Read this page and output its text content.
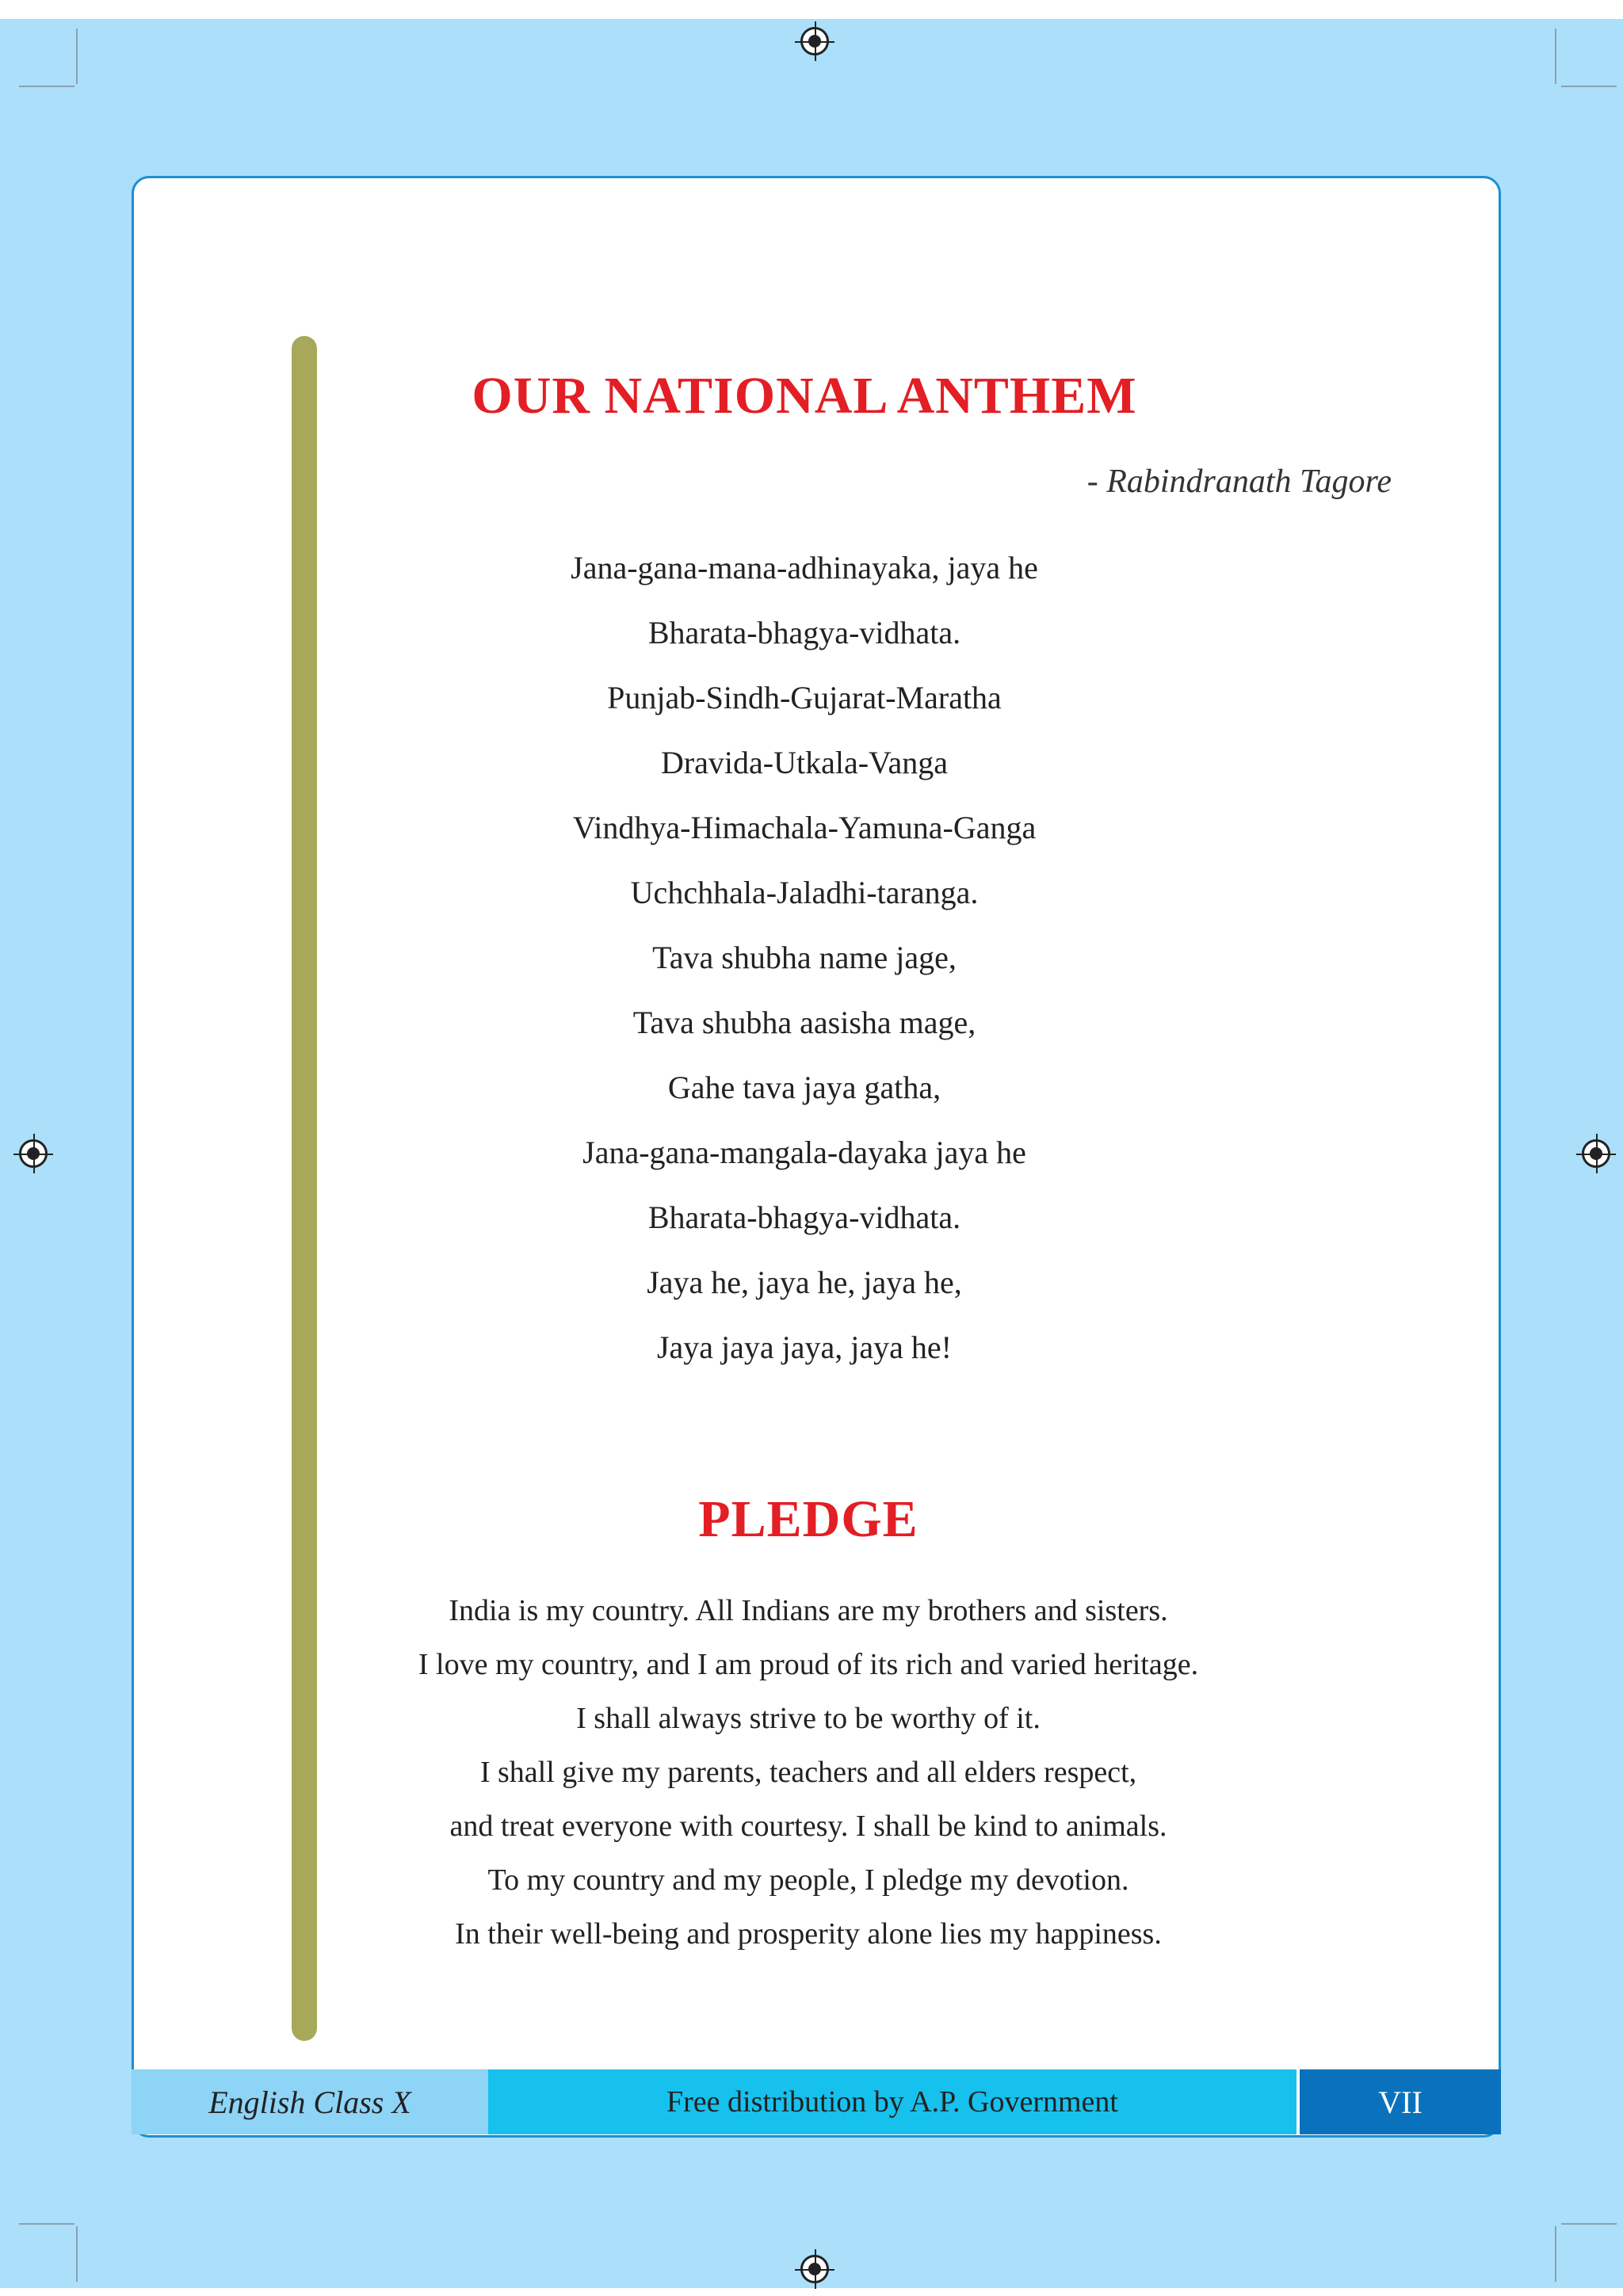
OUR NATIONAL ANTHEM
- Rabindranath Tagore
Jana-gana-mana-adhinayaka, jaya he
Bharata-bhagya-vidhata.
Punjab-Sindh-Gujarat-Maratha
Dravida-Utkala-Vanga
Vindhya-Himachala-Yamuna-Ganga
Uchchhala-Jaladhi-taranga.
Tava shubha name jage,
Tava shubha aasisha mage,
Gahe tava jaya gatha,
Jana-gana-mangala-dayaka jaya he
Bharata-bhagya-vidhata.
Jaya he, jaya he, jaya he,
Jaya jaya jaya, jaya he!
PLEDGE
India is my country. All Indians are my brothers and sisters.
I love my country, and I am proud of its rich and varied heritage.
I shall always strive to be worthy of it.
I shall give my parents, teachers and all elders respect,
and treat everyone with courtesy. I shall be kind to animals.
To my country and my people, I pledge my devotion.
In their well-being and prosperity alone lies my happiness.
English Class X	Free distribution by A.P. Government	VII
